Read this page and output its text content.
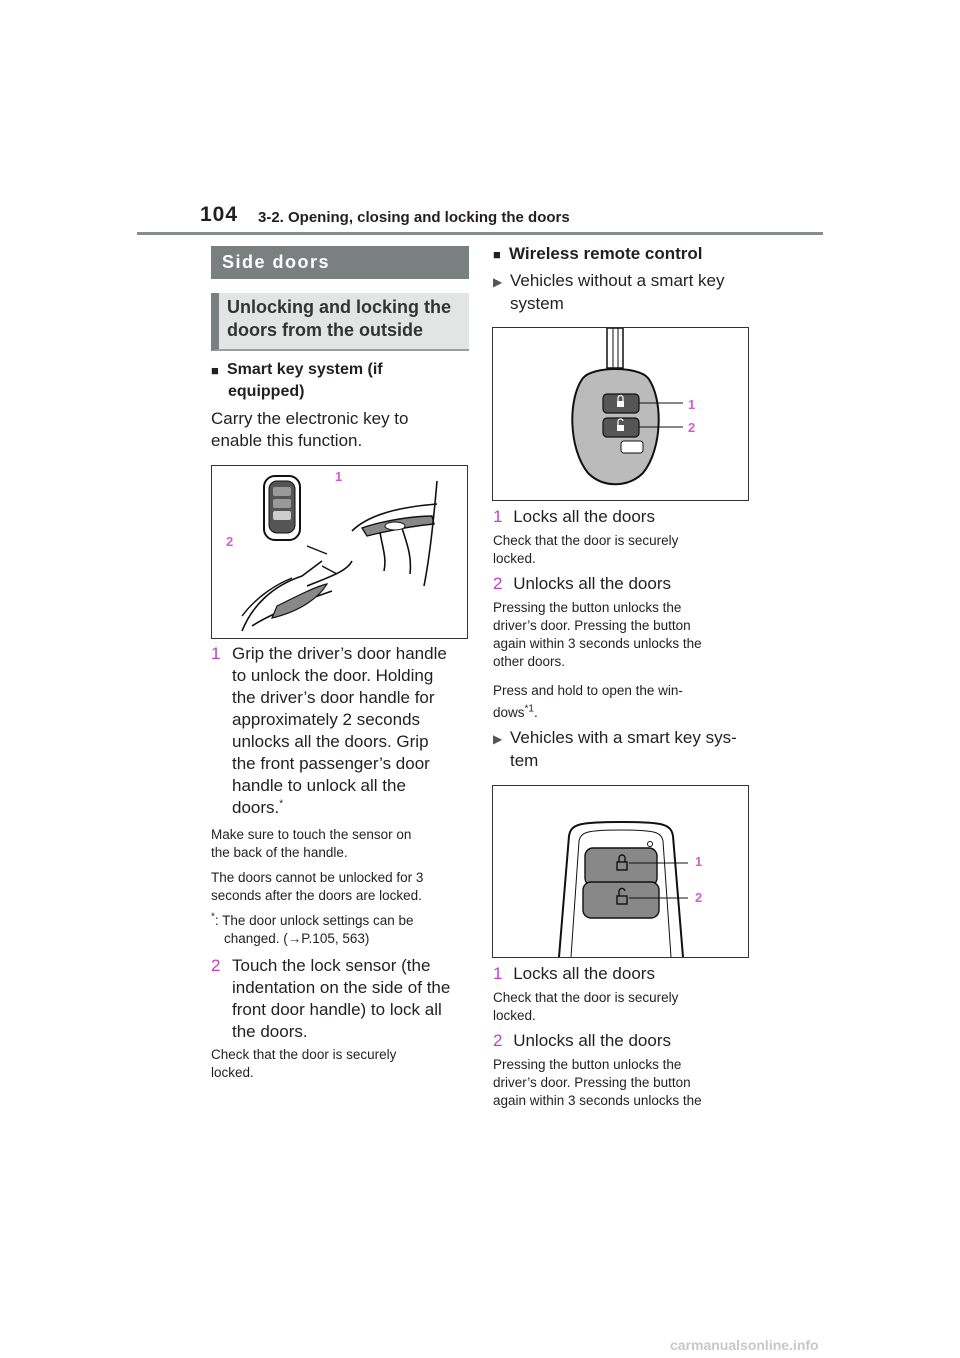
104 3-2. Opening, closing and locking the doors
Side doors
Unlocking and locking the
doors from the outside
■ Smart key system (if
equipped)
Carry the electronic key to
enable this function.
1
2
1 Grip the driver’s door handle
to unlock the door. Holding
the driver’s door handle for
approximately 2 seconds
unlocks all the doors. Grip
the front passenger’s door
handle to unlock all the
doors.*
Make sure to touch the sensor on
the back of the handle.
The doors cannot be unlocked for 3
seconds after the doors are locked.
*: The door unlock settings can be
changed. (→P.105, 563)
2 Touch the lock sensor (the
indentation on the side of the
front door handle) to lock all
the doors.
Check that the door is securely
locked.
■ Wireless remote control
▶ Vehicles without a smart key
system
1
2
1 Locks all the doors
Check that the door is securely
locked.
2 Unlocks all the doors
Pressing the button unlocks the
driver’s door. Pressing the button
again within 3 seconds unlocks the
other doors.
Press and hold to open the win-
dows$^{*1}$.
▶ Vehicles with a smart key sys-
tem
1
2
1 Locks all the doors
Check that the door is securely
locked.
2 Unlocks all the doors
Pressing the button unlocks the
driver’s door. Pressing the button
again within 3 seconds unlocks the
carmanualsonline.info
